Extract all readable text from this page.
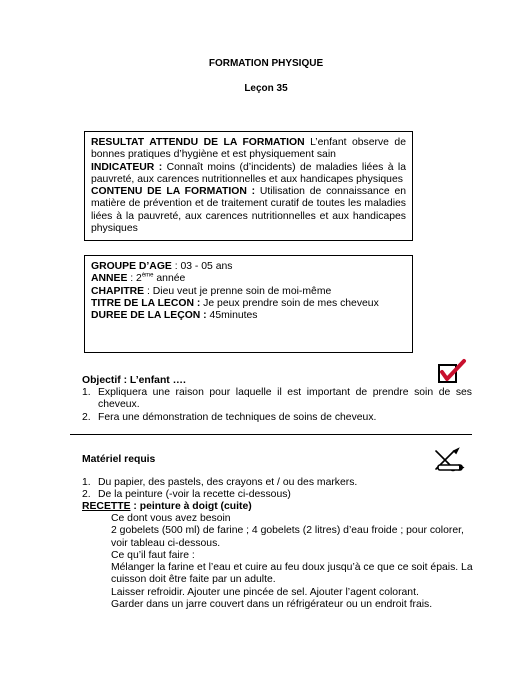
FORMATION PHYSIQUE
Leçon 35

RESULTAT ATTENDU DE LA FORMATION L’enfant observe de bonnes pratiques d’hygiène et est physiquement sain

INDICATEUR : Connaît moins (d’incidents) de maladies liées à la pauvreté, aux carences nutritionnelles et aux handicapes physiques

CONTENU DE LA FORMATION : Utilisation de connaissance en matière de prévention et de traitement curatif de toutes les maladies liées à la pauvreté, aux carences nutritionnelles et aux handicapes physiques

GROUPE D’AGE : 03 - 05 ans

ANNEE : 2ème année

CHAPITRE : Dieu veut je prenne soin de moi-même

TITRE DE LA LECON : Je peux prendre soin de mes cheveux

DUREE DE LA LEÇON : 45minutes

Objectif : L’enfant ….
1. Expliquera une raison pour laquelle il est important de prendre soin de ses cheveux.
2. Fera une démonstration de techniques de soins de cheveux.
Matériel requis
1. Du papier, des pastels, des crayons et / ou des markers.
2. De la peinture (-voir la recette ci-dessous)
RECETTE : peinture à doigt (cuite)
Ce dont vous avez besoin
2 gobelets (500 ml) de farine ; 4 gobelets (2 litres) d’eau froide ; pour colorer, voir tableau ci-dessous.
Ce qu’il faut faire :
Mélanger la farine et l’eau et cuire au feu doux jusqu’à ce que ce soit épais. La cuisson doit être faite par un adulte.
Laisser refroidir. Ajouter une pincée de sel. Ajouter l’agent colorant.
Garder dans un jarre couvert dans un réfrigérateur ou un endroit frais.
